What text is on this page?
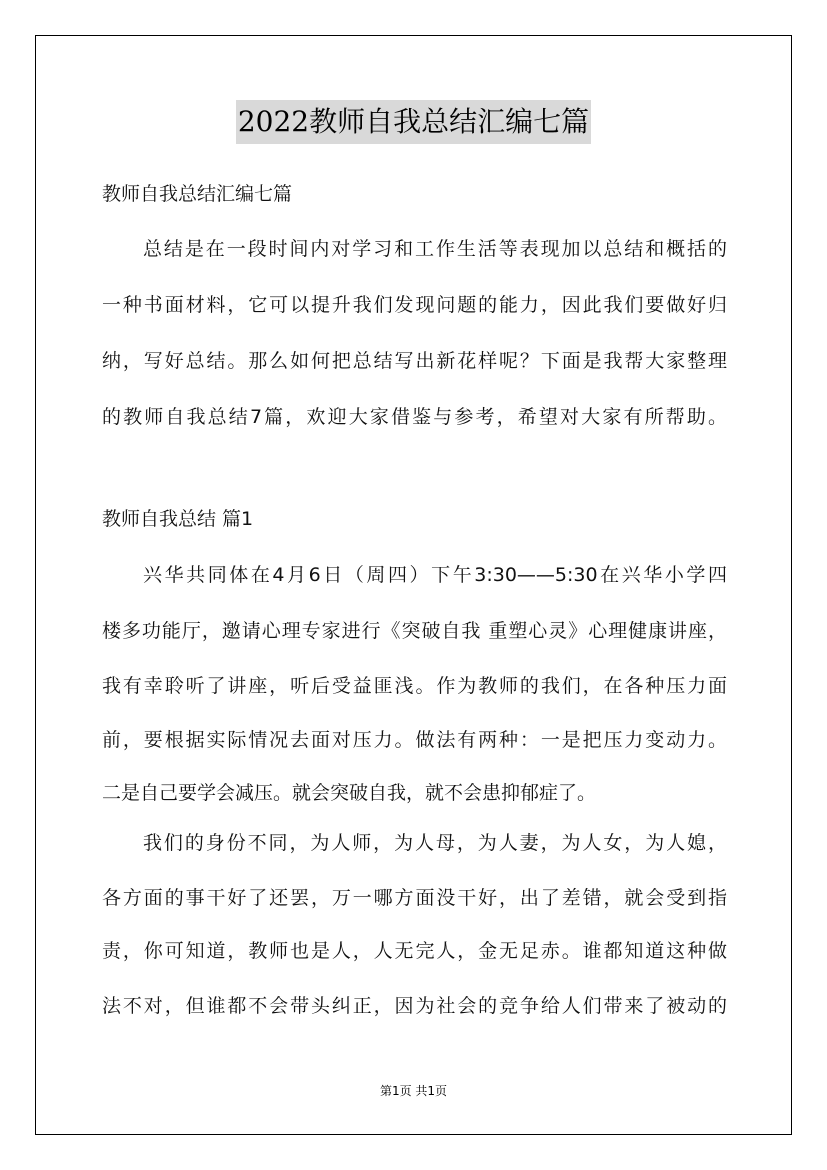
2022教师自我总结汇编七篇
教师自我总结汇编七篇
总结是在一段时间内对学习和工作生活等表现加以总结和概括的
一种书面材料，它可以提升我们发现问题的能力，因此我们要做好归
纳，写好总结。那么如何把总结写出新花样呢？下面是我帮大家整理
的教师自我总结7篇，欢迎大家借鉴与参考，希望对大家有所帮助。
教师自我总结 篇1
兴华共同体在4月6日（周四）下午3:30——5:30在兴华小学四
楼多功能厅，邀请心理专家进行《突破自我 重塑心灵》心理健康讲座，
我有幸聆听了讲座，听后受益匪浅。作为教师的我们，在各种压力面
前，要根据实际情况去面对压力。做法有两种：一是把压力变动力。
二是自己要学会减压。就会突破自我，就不会患抑郁症了。
我们的身份不同，为人师，为人母，为人妻，为人女，为人媳，
各方面的事干好了还罢，万一哪方面没干好，出了差错，就会受到指
责，你可知道，教师也是人，人无完人，金无足赤。谁都知道这种做
法不对，但谁都不会带头纠正，因为社会的竞争给人们带来了被动的
第1页 共1页
